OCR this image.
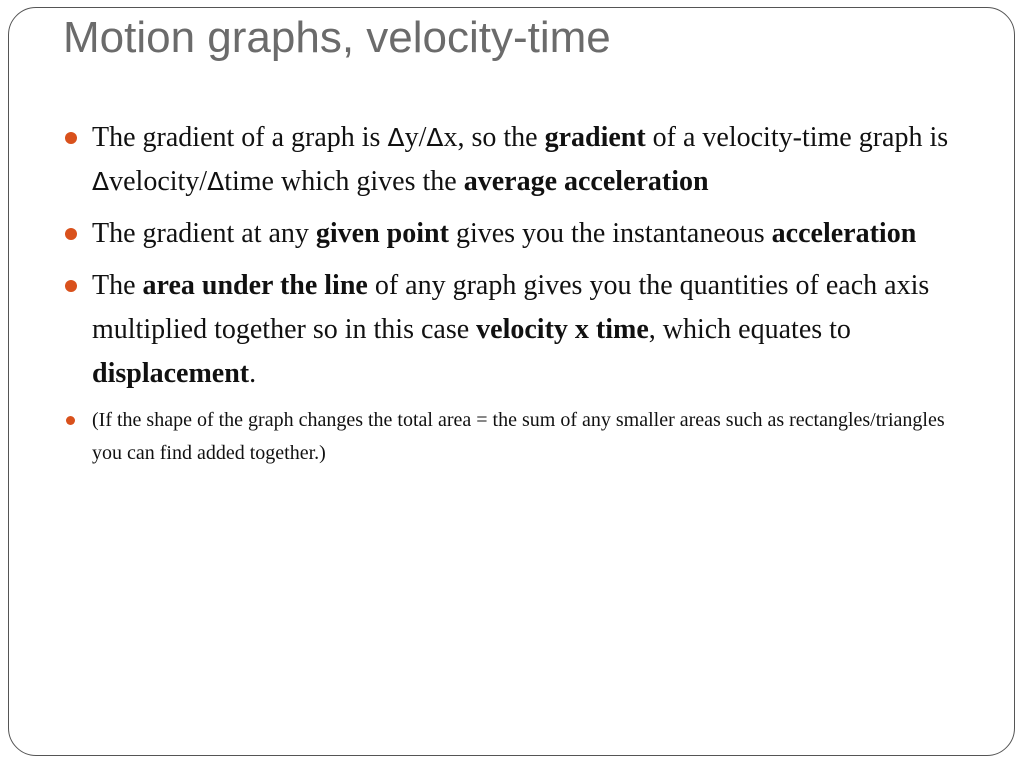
Motion graphs, velocity-time
The gradient of a graph is Δy/Δx, so the gradient of a velocity-time graph is Δvelocity/Δtime which gives the average acceleration
The gradient at any given point gives you the instantaneous acceleration
The area under the line of any graph gives you the quantities of each axis multiplied together so in this case velocity x time, which equates to displacement.
(If the shape of the graph changes the total area = the sum of any smaller areas such as rectangles/triangles you can find added together.)
